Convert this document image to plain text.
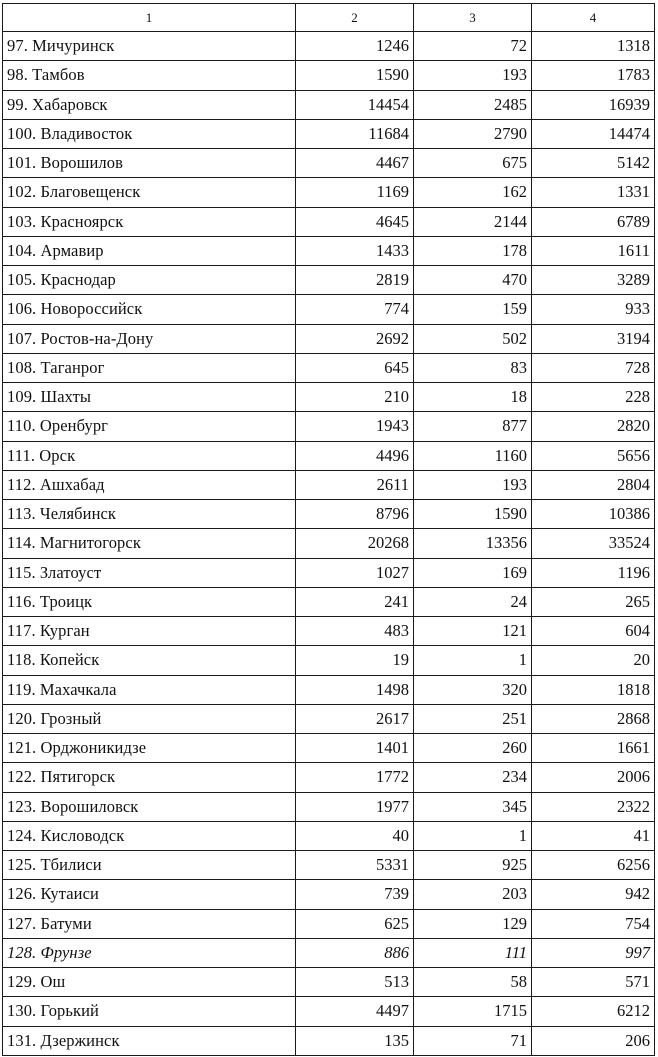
1	2	3	4
97. Мичуринск	1246	72	1318
98. Тамбов	1590	193	1783
99. Хабаровск	14454	2485	16939
100. Владивосток	11684	2790	14474
101. Ворошилов	4467	675	5142
102. Благовещенск	1169	162	1331
103. Красноярск	4645	2144	6789
104. Армавир	1433	178	1611
105. Краснодар	2819	470	3289
106. Новороссийск	774	159	933
107. Ростов-на-Дону	2692	502	3194
108. Таганрог	645	83	728
109. Шахты	210	18	228
110. Оренбург	1943	877	2820
111. Орск	4496	1160	5656
112. Ашхабад	2611	193	2804
113. Челябинск	8796	1590	10386
114. Магнитогорск	20268	13356	33524
115. Златоуст	1027	169	1196
116. Троицк	241	24	265
117. Курган	483	121	604
118. Копейск	19	1	20
119. Махачкала	1498	320	1818
120. Грозный	2617	251	2868
121. Орджоникидзе	1401	260	1661
122. Пятигорск	1772	234	2006
123. Ворошиловск	1977	345	2322
124. Кисловодск	40	1	41
125. Тбилиси	5331	925	6256
126. Кутаиси	739	203	942
127. Батуми	625	129	754
128. Фрунзе	886	111	997
129. Ош	513	58	571
130. Горький	4497	1715	6212
131. Дзержинск	135	71	206
